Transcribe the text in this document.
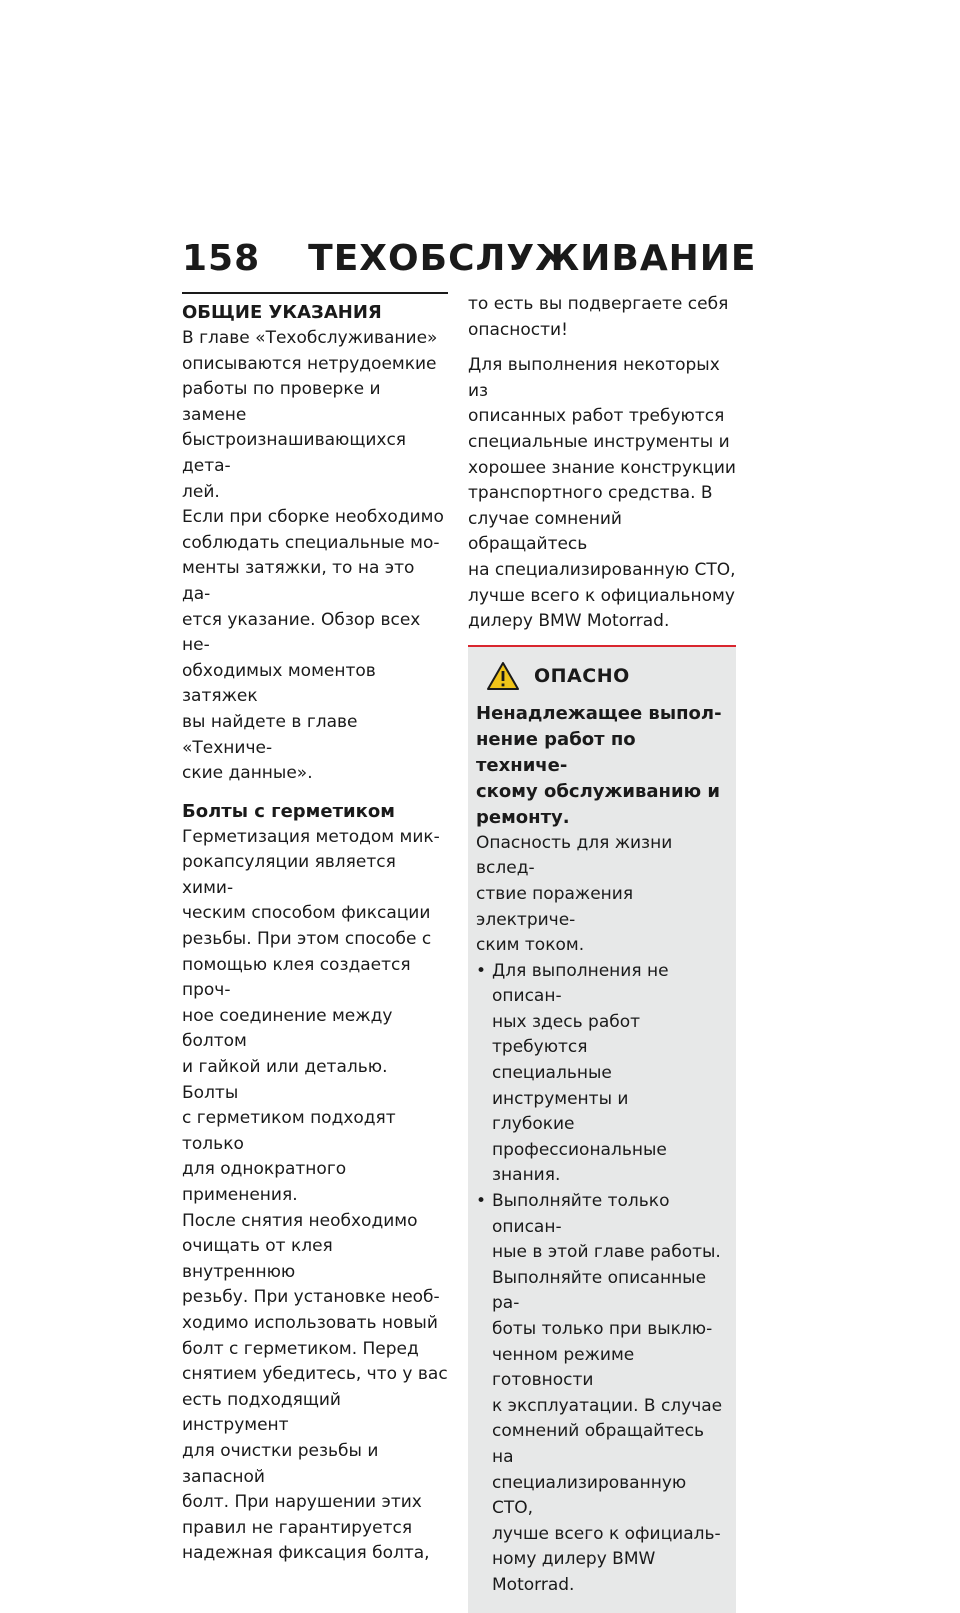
158 ТЕХОБСЛУЖИВАНИЕ
ОБЩИЕ УКАЗАНИЯ

В главе «Техобслуживание»
описываются нетрудоемкие
работы по проверке и замене
быстроизнашивающихся дета-
лей.

Если при сборке необходимо
соблюдать специальные мо-
менты затяжки, то на это да-
ется указание. Обзор всех не-
обходимых моментов затяжек
вы найдете в главе «Техниче-
ские данные».

Болты с герметиком

Герметизация методом мик-
рокапсуляции является хими-
ческим способом фиксации
резьбы. При этом способе с
помощью клея создается проч-
ное соединение между болтом
и гайкой или деталью. Болты
с герметиком подходят только
для однократного применения.

После снятия необходимо
очищать от клея внутреннюю
резьбу. При установке необ-
ходимо использовать новый
болт с герметиком. Перед
снятием убедитесь, что у вас
есть подходящий инструмент
для очистки резьбы и запасной
болт. При нарушении этих
правил не гарантируется
надежная фиксация болта,

то есть вы подвергаете себя
опасности!

Для выполнения некоторых из
описанных работ требуются
специальные инструменты и
хорошее знание конструкции
транспортного средства. В
случае сомнений обращайтесь
на специализированную СТО,
лучше всего к официальному
дилеру BMW Motorrad.

ОПАСНО

Ненадлежащее выпол-
нение работ по техниче-
скому обслуживанию и
ремонту.

Опасность для жизни вслед-
ствие поражения электриче-
ским током.

• Для выполнения не описан-
ных здесь работ требуются
специальные инструменты и
глубокие профессиональные
знания.
• Выполняйте только описан-
ные в этой главе работы.
Выполняйте описанные ра-
боты только при выклю-
ченном режиме готовности
к эксплуатации. В случае
сомнений обращайтесь на
специализированную СТО,
лучше всего к официаль-
ному дилеру BMW Motorrad.
